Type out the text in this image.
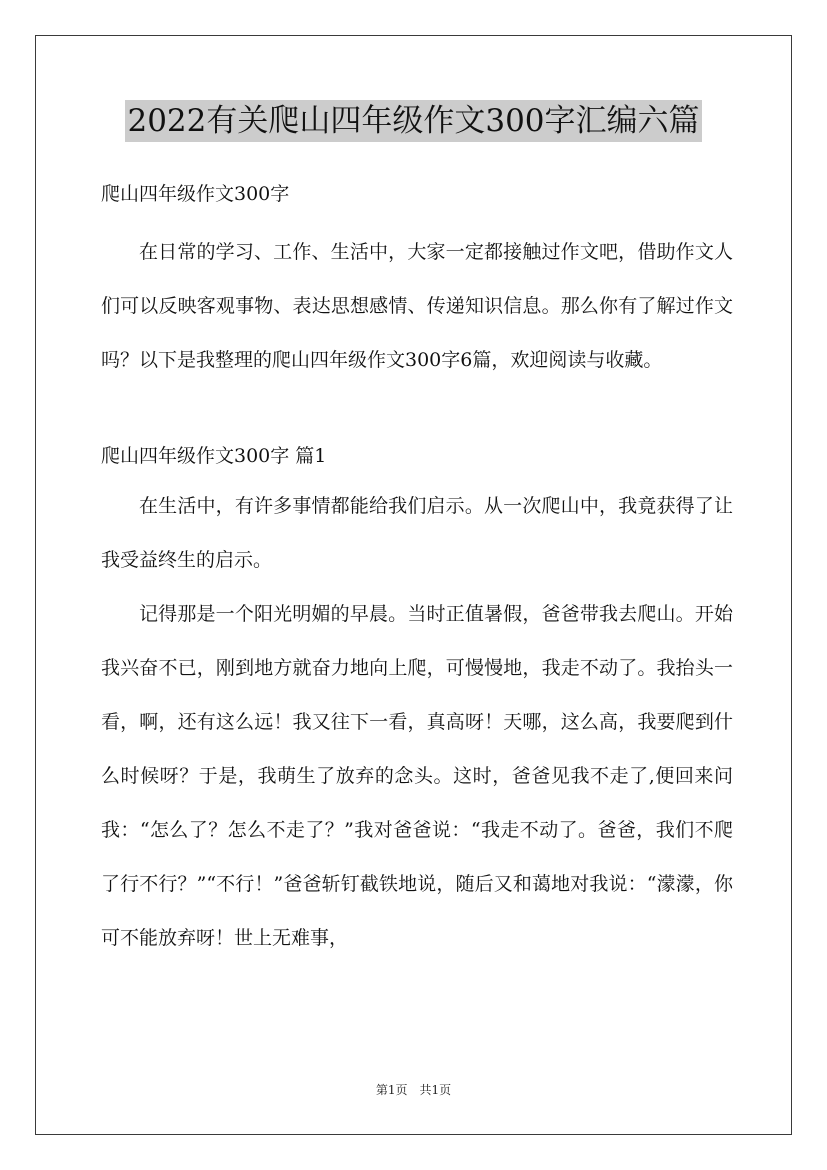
2022有关爬山四年级作文300字汇编六篇

爬山四年级作文300字

在日常的学习、工作、生活中，大家一定都接触过作文吧，借助作文人们可以反映客观事物、表达思想感情、传递知识信息。那么你有了解过作文吗？以下是我整理的爬山四年级作文300字6篇，欢迎阅读与收藏。

爬山四年级作文300字 篇1

在生活中，有许多事情都能给我们启示。从一次爬山中，我竟获得了让我受益终生的启示。

记得那是一个阳光明媚的早晨。当时正值暑假，爸爸带我去爬山。开始我兴奋不已，刚到地方就奋力地向上爬，可慢慢地，我走不动了。我抬头一看，啊，还有这么远！我又往下一看，真高呀！天哪，这么高，我要爬到什么时候呀？于是，我萌生了放弃的念头。这时，爸爸见我不走了,便回来问我：“怎么了？怎么不走了？”我对爸爸说：“我走不动了。爸爸，我们不爬了行不行？”“不行！”爸爸斩钉截铁地说，随后又和蔼地对我说：“濛濛，你可不能放弃呀！世上无难事，

第1页　共1页
